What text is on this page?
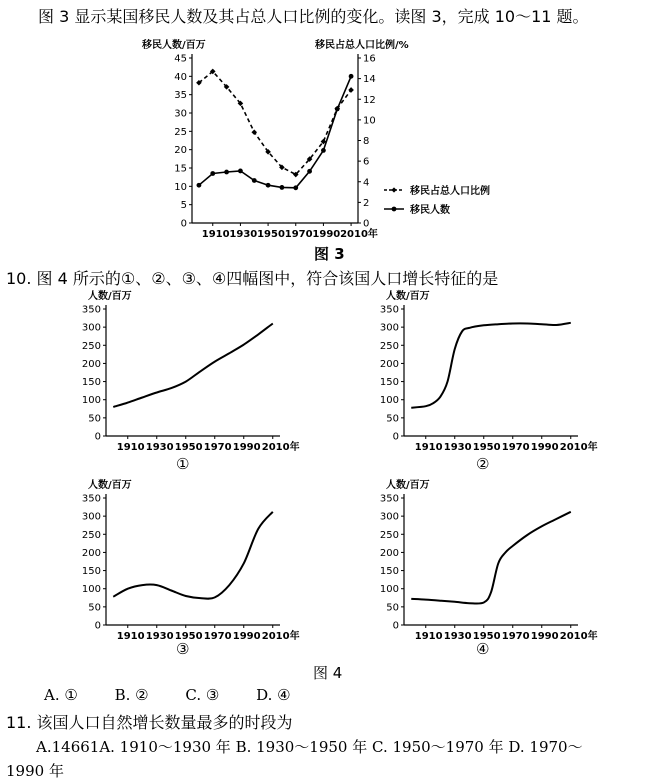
图 3 显示某国移民人数及其占总人口比例的变化。读图 3，完成 10～11 题。
移民人数/百万	移民占总人口比例/%
0
5
10
15
20
25
30
35
40
45
0
2
4
6
8
10
12
14
16
1910 1930 1950 1970 1990 2010年
移民占总人口比例
移民人数
图 3
10. 图 4 所示的①、②、③、④四幅图中，符合该国人口增长特征的是
人数/百万
0
50
100
150
200
250
300
350
1910 1930 1950 1970 1990 2010年
人数/百万
0
50
100
150
200
250
300
350
1910 1930 1950 1970 1990 2010年
人数/百万
0
50
100
150
200
250
300
350
1910 1930 1950 1970 1990 2010年
人数/百万
0
50
100
150
200
250
300
350
1910 1930 1950 1970 1990 2010年
①	②
③	④
图 4
A. ① B. ② C. ③ D. ④
11. 该国人口自然增长数量最多的时段为
A.14661A. 1910～1930 年 B. 1930～1950 年 C. 1950～1970 年 D. 1970～
1990 年
